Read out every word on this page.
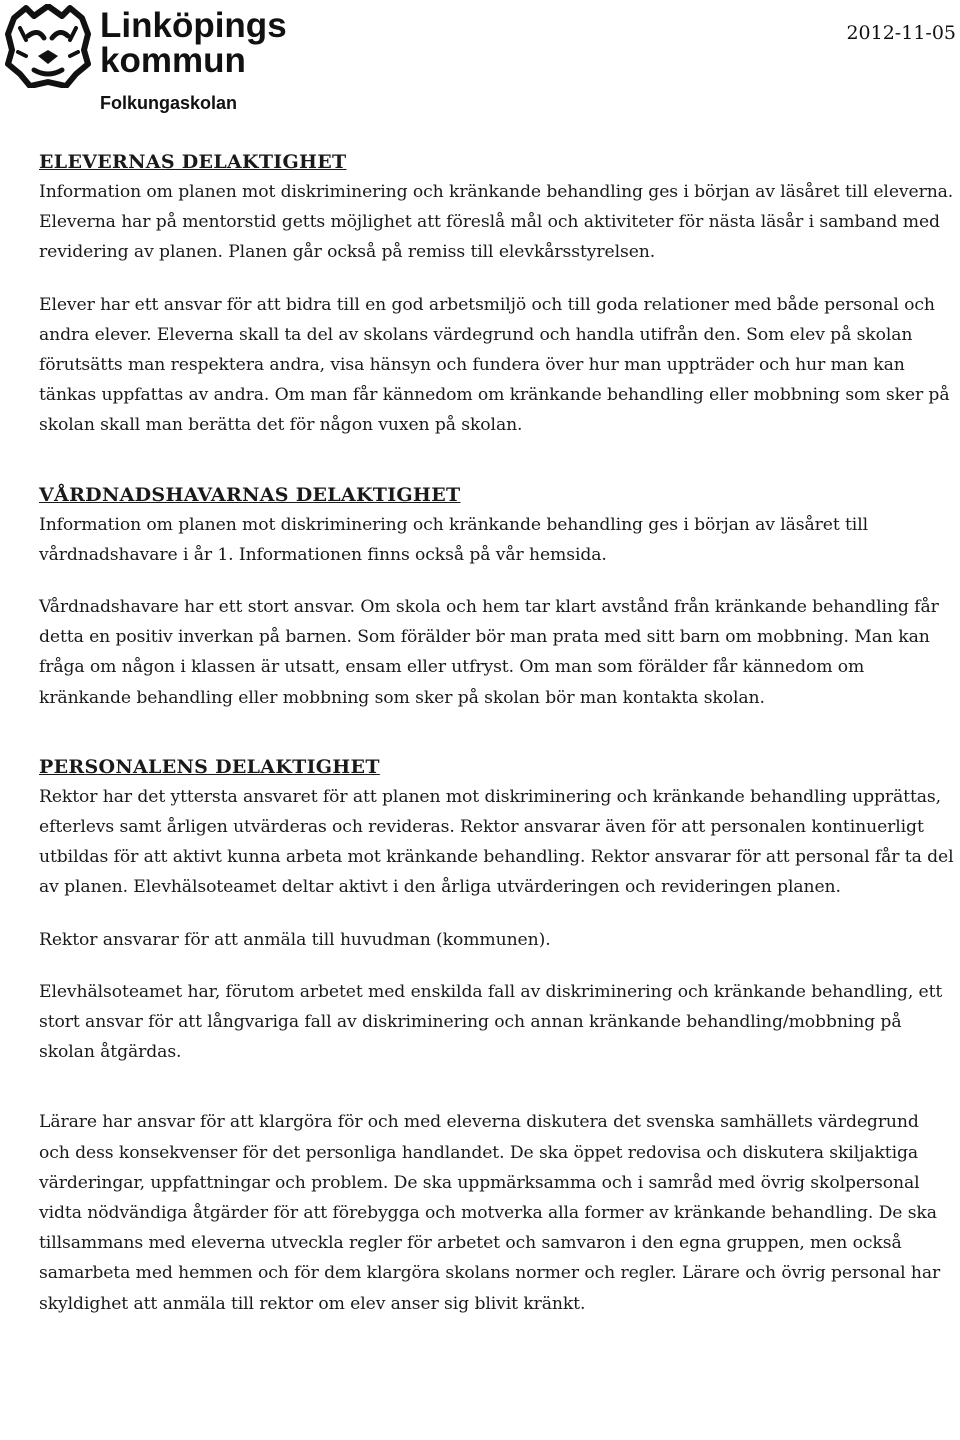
Linköpings
kommun
Folkungaskolan
2012-11-05
ELEVERNAS DELAKTIGHET

Information om planen mot diskriminering och kränkande behandling ges i början av läsåret till eleverna. Eleverna har på mentorstid getts möjlighet att föreslå mål och aktiviteter för nästa läsår i samband med revidering av planen. Planen går också på remiss till elevkårsstyrelsen.

Elever har ett ansvar för att bidra till en god arbetsmiljö och till goda relationer med både personal och andra elever. Eleverna skall ta del av skolans värdegrund och handla utifrån den. Som elev på skolan förutsätts man respektera andra, visa hänsyn och fundera över hur man uppträder och hur man kan tänkas uppfattas av andra. Om man får kännedom om kränkande behandling eller mobbning som sker på skolan skall man berätta det för någon vuxen på skolan.

VÅRDNADSHAVARNAS DELAKTIGHET

Information om planen mot diskriminering och kränkande behandling ges i början av läsåret till vårdnadshavare i år 1. Informationen finns också på vår hemsida.

Vårdnadshavare har ett stort ansvar. Om skola och hem tar klart avstånd från kränkande behandling får detta en positiv inverkan på barnen. Som förälder bör man prata med sitt barn om mobbning. Man kan fråga om någon i klassen är utsatt, ensam eller utfryst. Om man som förälder får kännedom om kränkande behandling eller mobbning som sker på skolan bör man kontakta skolan.

PERSONALENS DELAKTIGHET

Rektor har det yttersta ansvaret för att planen mot diskriminering och kränkande behandling upprättas, efterlevs samt årligen utvärderas och revideras. Rektor ansvarar även för att personalen kontinuerligt utbildas för att aktivt kunna arbeta mot kränkande behandling. Rektor ansvarar för att personal får ta del av planen. Elevhälsoteamet deltar aktivt i den årliga utvärderingen och revideringen planen.

Rektor ansvarar för att anmäla till huvudman (kommunen).

Elevhälsoteamet har, förutom arbetet med enskilda fall av diskriminering och kränkande behandling, ett stort ansvar för att långvariga fall av diskriminering och annan kränkande behandling/mobbning på skolan åtgärdas.

Lärare har ansvar för att klargöra för och med eleverna diskutera det svenska samhällets värdegrund och dess konsekvenser för det personliga handlandet. De ska öppet redovisa och diskutera skiljaktiga värderingar, uppfattningar och problem. De ska uppmärksamma och i samråd med övrig skolpersonal vidta nödvändiga åtgärder för att förebygga och motverka alla former av kränkande behandling. De ska tillsammans med eleverna utveckla regler för arbetet och samvaron i den egna gruppen, men också samarbeta med hemmen och för dem klargöra skolans normer och regler. Lärare och övrig personal har skyldighet att anmäla till rektor om elev anser sig blivit kränkt.
